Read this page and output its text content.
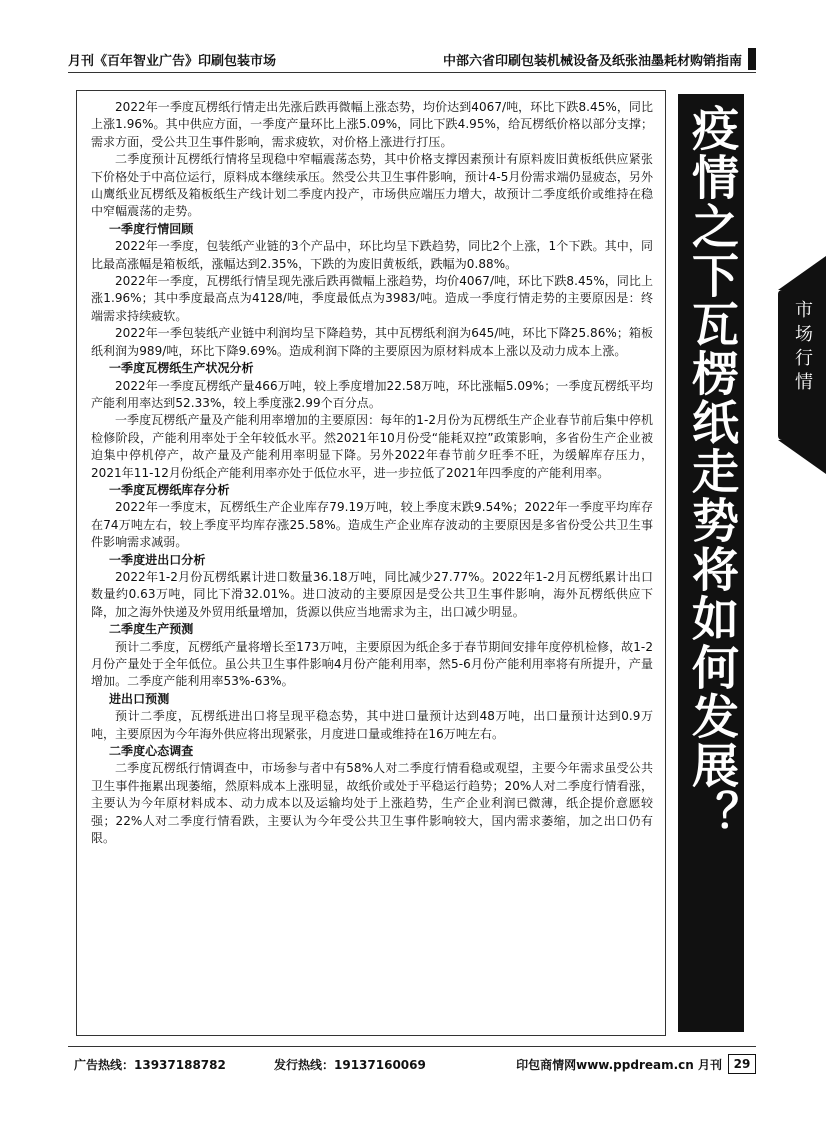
月刊《百年智业广告》印刷包装市场	中部六省印刷包装机械设备及纸张油墨耗材购销指南

2022年一季度瓦楞纸行情走出先涨后跌再微幅上涨态势，均价达到4067/吨，环比下跌8.45%，同比上涨1.96%。其中供应方面，一季度产量环比上涨5.09%，同比下跌4.95%，给瓦楞纸价格以部分支撑；需求方面，受公共卫生事件影响，需求疲软，对价格上涨进行打压。

二季度预计瓦楞纸行情将呈现稳中窄幅震荡态势，其中价格支撑因素预计有原料废旧黄板纸供应紧张下价格处于中高位运行，原料成本继续承压。然受公共卫生事件影响，预计4-5月份需求端仍显疲态，另外山鹰纸业瓦楞纸及箱板纸生产线计划二季度内投产，市场供应端压力增大，故预计二季度纸价或维持在稳中窄幅震荡的走势。

一季度行情回顾

2022年一季度，包装纸产业链的3个产品中，环比均呈下跌趋势，同比2个上涨，1个下跌。其中，同比最高涨幅是箱板纸，涨幅达到2.35%，下跌的为废旧黄板纸，跌幅为0.88%。

2022年一季度，瓦楞纸行情呈现先涨后跌再微幅上涨趋势，均价4067/吨，环比下跌8.45%，同比上涨1.96%；其中季度最高点为4128/吨，季度最低点为3983/吨。造成一季度行情走势的主要原因是：终端需求持续疲软。

2022年一季包装纸产业链中利润均呈下降趋势，其中瓦楞纸利润为645/吨，环比下降25.86%；箱板纸利润为989/吨，环比下降9.69%。造成利润下降的主要原因为原材料成本上涨以及动力成本上涨。

一季度瓦楞纸生产状况分析

2022年一季度瓦楞纸产量466万吨，较上季度增加22.58万吨，环比涨幅5.09%；一季度瓦楞纸平均产能利用率达到52.33%，较上季度涨2.99个百分点。

一季度瓦楞纸产量及产能利用率增加的主要原因：每年的1-2月份为瓦楞纸生产企业春节前后集中停机检修阶段，产能利用率处于全年较低水平。然2021年10月份受“能耗双控”政策影响，多省份生产企业被迫集中停机停产，故产量及产能利用率明显下降。另外2022年春节前夕旺季不旺，为缓解库存压力，2021年11-12月份纸企产能利用率亦处于低位水平，进一步拉低了2021年四季度的产能利用率。

一季度瓦楞纸库存分析

2022年一季度末，瓦楞纸生产企业库存79.19万吨，较上季度末跌9.54%；2022年一季度平均库存在74万吨左右，较上季度平均库存涨25.58%。造成生产企业库存波动的主要原因是多省份受公共卫生事件影响需求减弱。

一季度进出口分析

2022年1-2月份瓦楞纸累计进口数量36.18万吨，同比减少27.77%。2022年1-2月瓦楞纸累计出口数量约0.63万吨，同比下滑32.01%。进口波动的主要原因是受公共卫生事件影响，海外瓦楞纸供应下降，加之海外快递及外贸用纸量增加，货源以供应当地需求为主，出口减少明显。

二季度生产预测

预计二季度，瓦楞纸产量将增长至173万吨，主要原因为纸企多于春节期间安排年度停机检修，故1-2月份产量处于全年低位。虽公共卫生事件影响4月份产能利用率，然5-6月份产能利用率将有所提升，产量增加。二季度产能利用率53%-63%。

进出口预测

预计二季度，瓦楞纸进出口将呈现平稳态势，其中进口量预计达到48万吨，出口量预计达到0.9万吨，主要原因为今年海外供应将出现紧张，月度进口量或维持在16万吨左右。

二季度心态调查

二季度瓦楞纸行情调查中，市场参与者中有58%人对二季度行情看稳或观望，主要今年需求虽受公共卫生事件拖累出现萎缩，然原料成本上涨明显，故纸价或处于平稳运行趋势；20%人对二季度行情看涨，主要认为今年原材料成本、动力成本以及运输均处于上涨趋势，生产企业利润已微薄，纸企提价意愿较强；22%人对二季度行情看跌，主要认为今年受公共卫生事件影响较大，国内需求萎缩，加之出口仍有限。	疫情之下瓦楞纸走势将如何发展？	市场行情
广告热线：13937188782	发行热线：19137160069	印包商情网www.ppdream.cn 月刊 29
